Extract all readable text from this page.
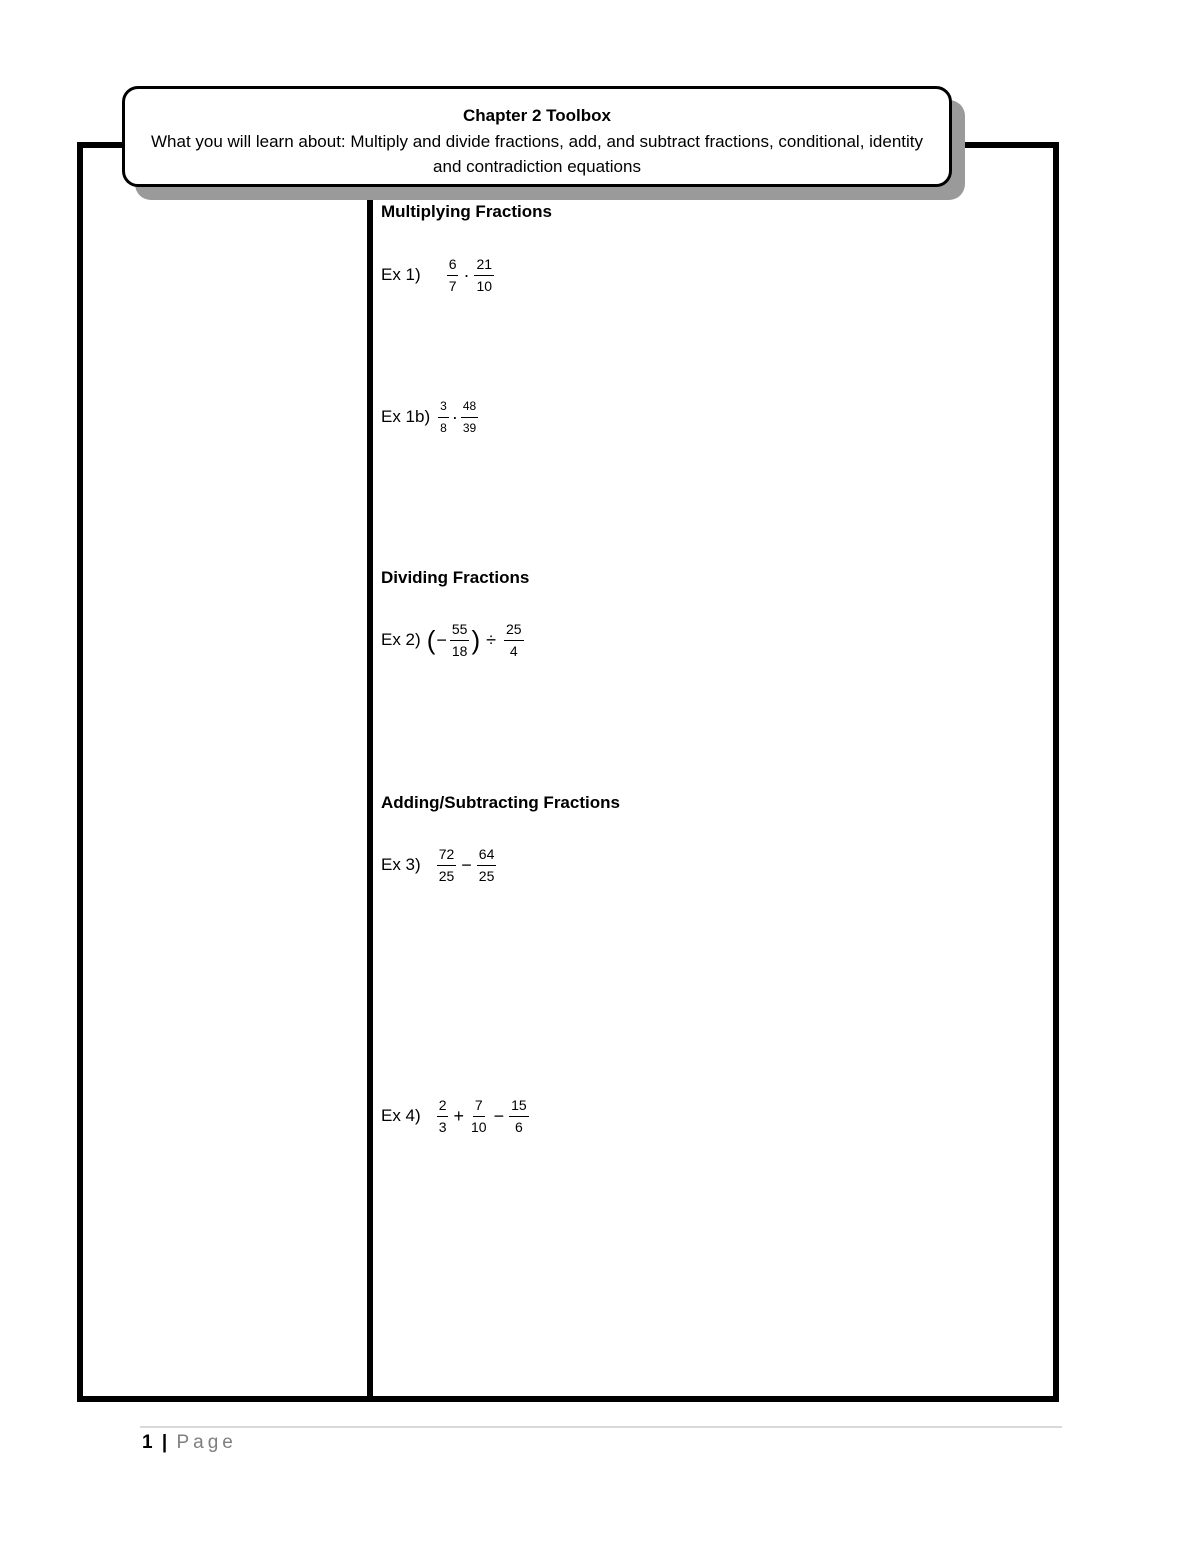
Chapter 2 Toolbox
What you will learn about: Multiply and divide fractions, add, and subtract fractions, conditional, identity and contradiction equations
Multiplying Fractions
Ex $1) \frac{6}{7} \cdot \frac{21}{10}$
Ex $1b) \frac{3}{8} \cdot \frac{48}{39}$
Dividing Fractions
Ex 2) ( − $\frac{55}{18}$ ) ÷ $\frac{25}{4}$
Adding/Subtracting Fractions
Ex $3) \frac{72}{25} - \frac{64}{25}$
Ex $4) \frac{2}{3} + \frac{7}{10} - \frac{15}{6}$
1 | Page
